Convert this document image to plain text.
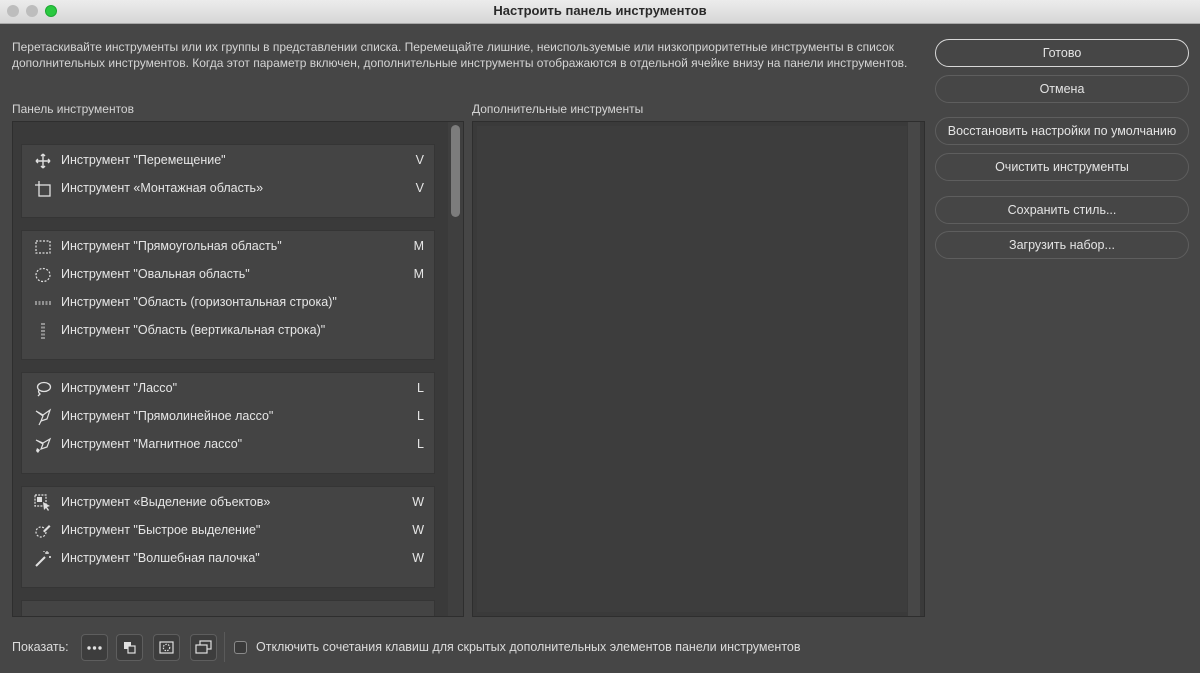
Настроить панель инструментов
Перетаскивайте инструменты или их группы в представлении списка. Перемещайте лишние, неиспользуемые или низкоприоритетные инструменты в список дополнительных инструментов. Когда этот параметр включен, дополнительные инструменты отображаются в отдельной ячейке внизу на панели инструментов.
Панель инструментов	Дополнительные инструменты
Инструмент "Перемещение"	V
Инструмент «Монтажная область»	V
Инструмент "Прямоугольная область"	M
Инструмент "Овальная область"	M
Инструмент "Область (горизонтальная строка)"
Инструмент "Область (вертикальная строка)"
Инструмент "Лассо"	L
Инструмент "Прямолинейное лассо"	L
Инструмент "Магнитное лассо"	L
Инструмент «Выделение объектов»	W
Инструмент "Быстрое выделение"	W
Инструмент "Волшебная палочка"	W
Готово
Отмена
Восстановить настройки по умолчанию
Очистить инструменты
Сохранить стиль...
Загрузить набор...
Показать:	Отключить сочетания клавиш для скрытых дополнительных элементов панели инструментов
